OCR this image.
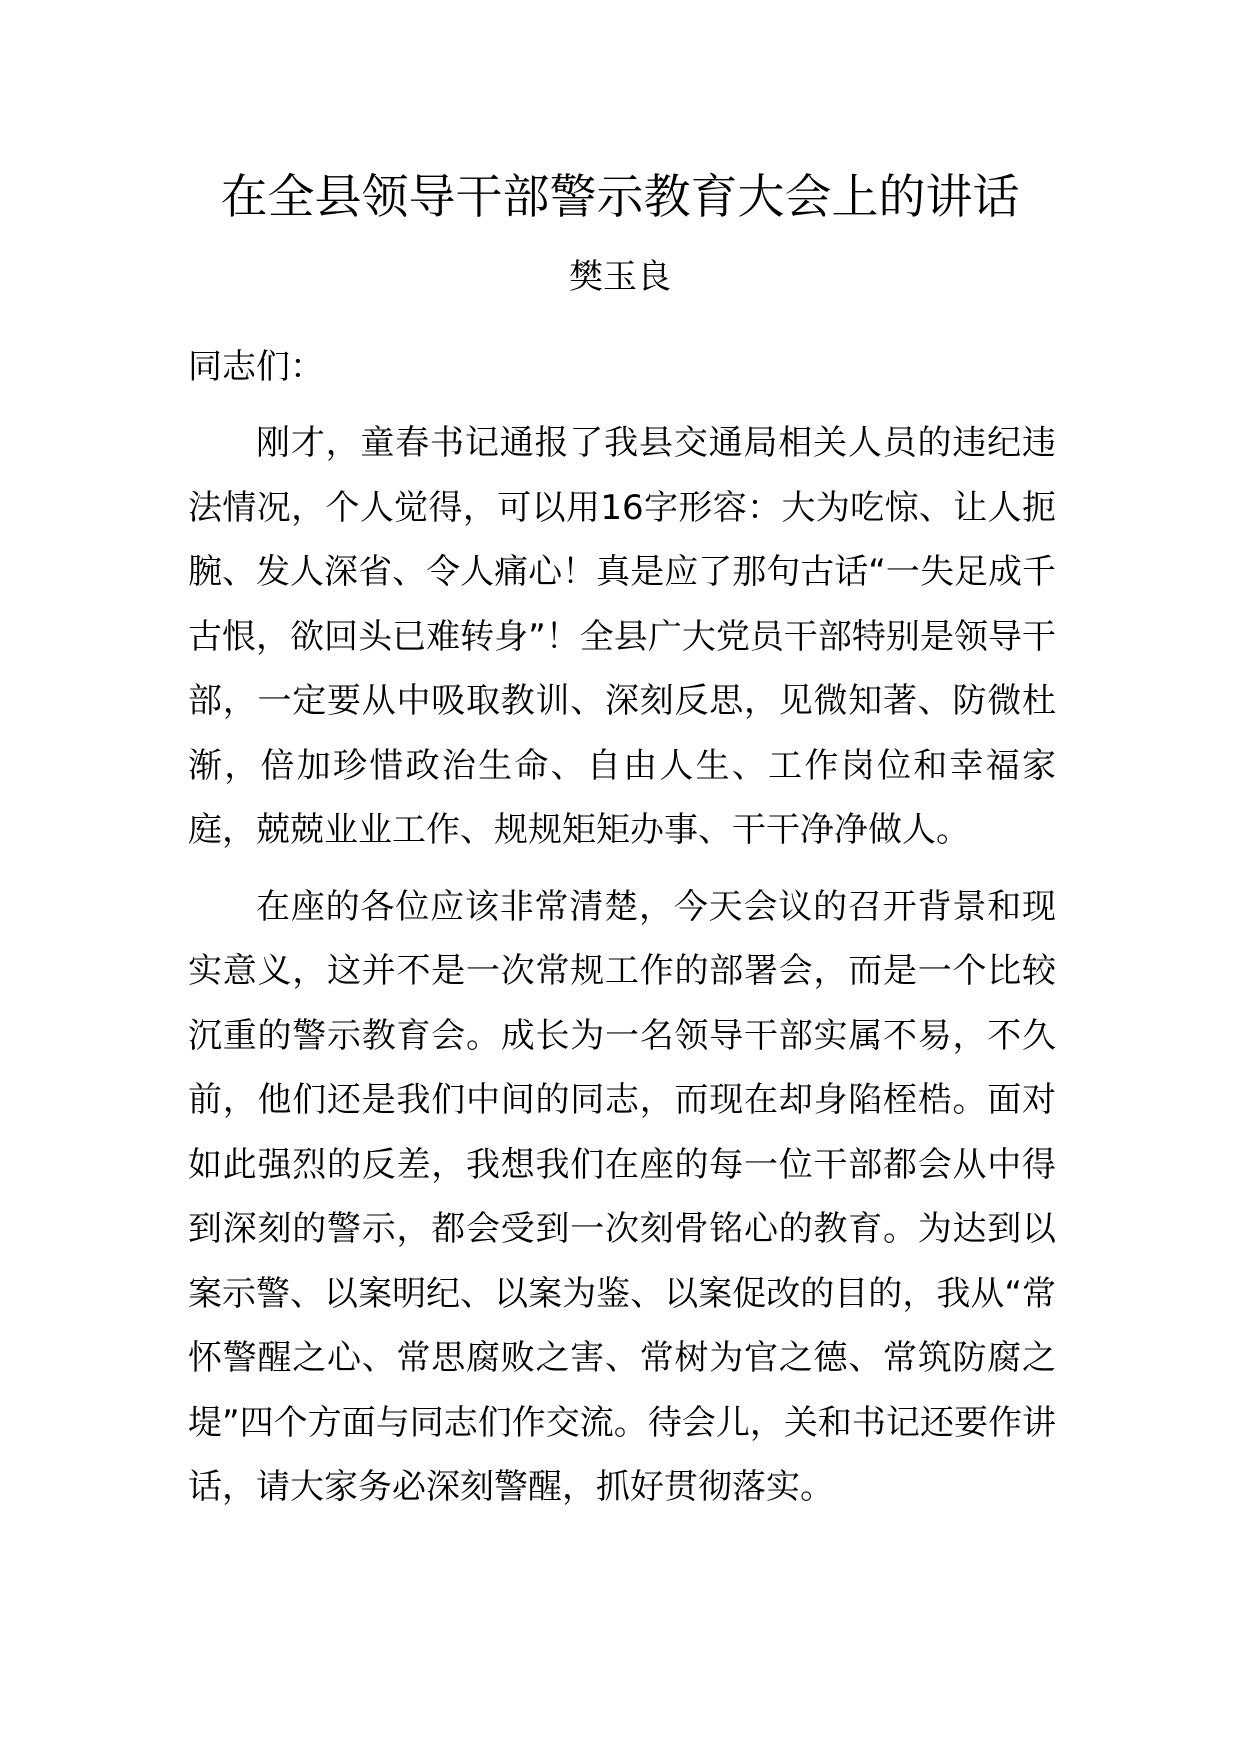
在全县领导干部警示教育大会上的讲话
樊玉良

同志们：

刚才，童春书记通报了我县交通局相关人员的违纪违法情况，个人觉得，可以用16字形容：大为吃惊、让人扼腕、发人深省、令人痛心！真是应了那句古话“一失足成千古恨，欲回头已难转身”！全县广大党员干部特别是领导干部，一定要从中吸取教训、深刻反思，见微知著、防微杜渐，倍加珍惜政治生命、自由人生、工作岗位和幸福家庭，兢兢业业工作、规规矩矩办事、干干净净做人。

在座的各位应该非常清楚，今天会议的召开背景和现实意义，这并不是一次常规工作的部署会，而是一个比较沉重的警示教育会。成长为一名领导干部实属不易，不久前，他们还是我们中间的同志，而现在却身陷桎梏。面对如此强烈的反差，我想我们在座的每一位干部都会从中得到深刻的警示，都会受到一次刻骨铭心的教育。为达到以案示警、以案明纪、以案为鉴、以案促改的目的，我从“常怀警醒之心、常思腐败之害、常树为官之德、常筑防腐之堤”四个方面与同志们作交流。待会儿，关和书记还要作讲话，请大家务必深刻警醒，抓好贯彻落实。
